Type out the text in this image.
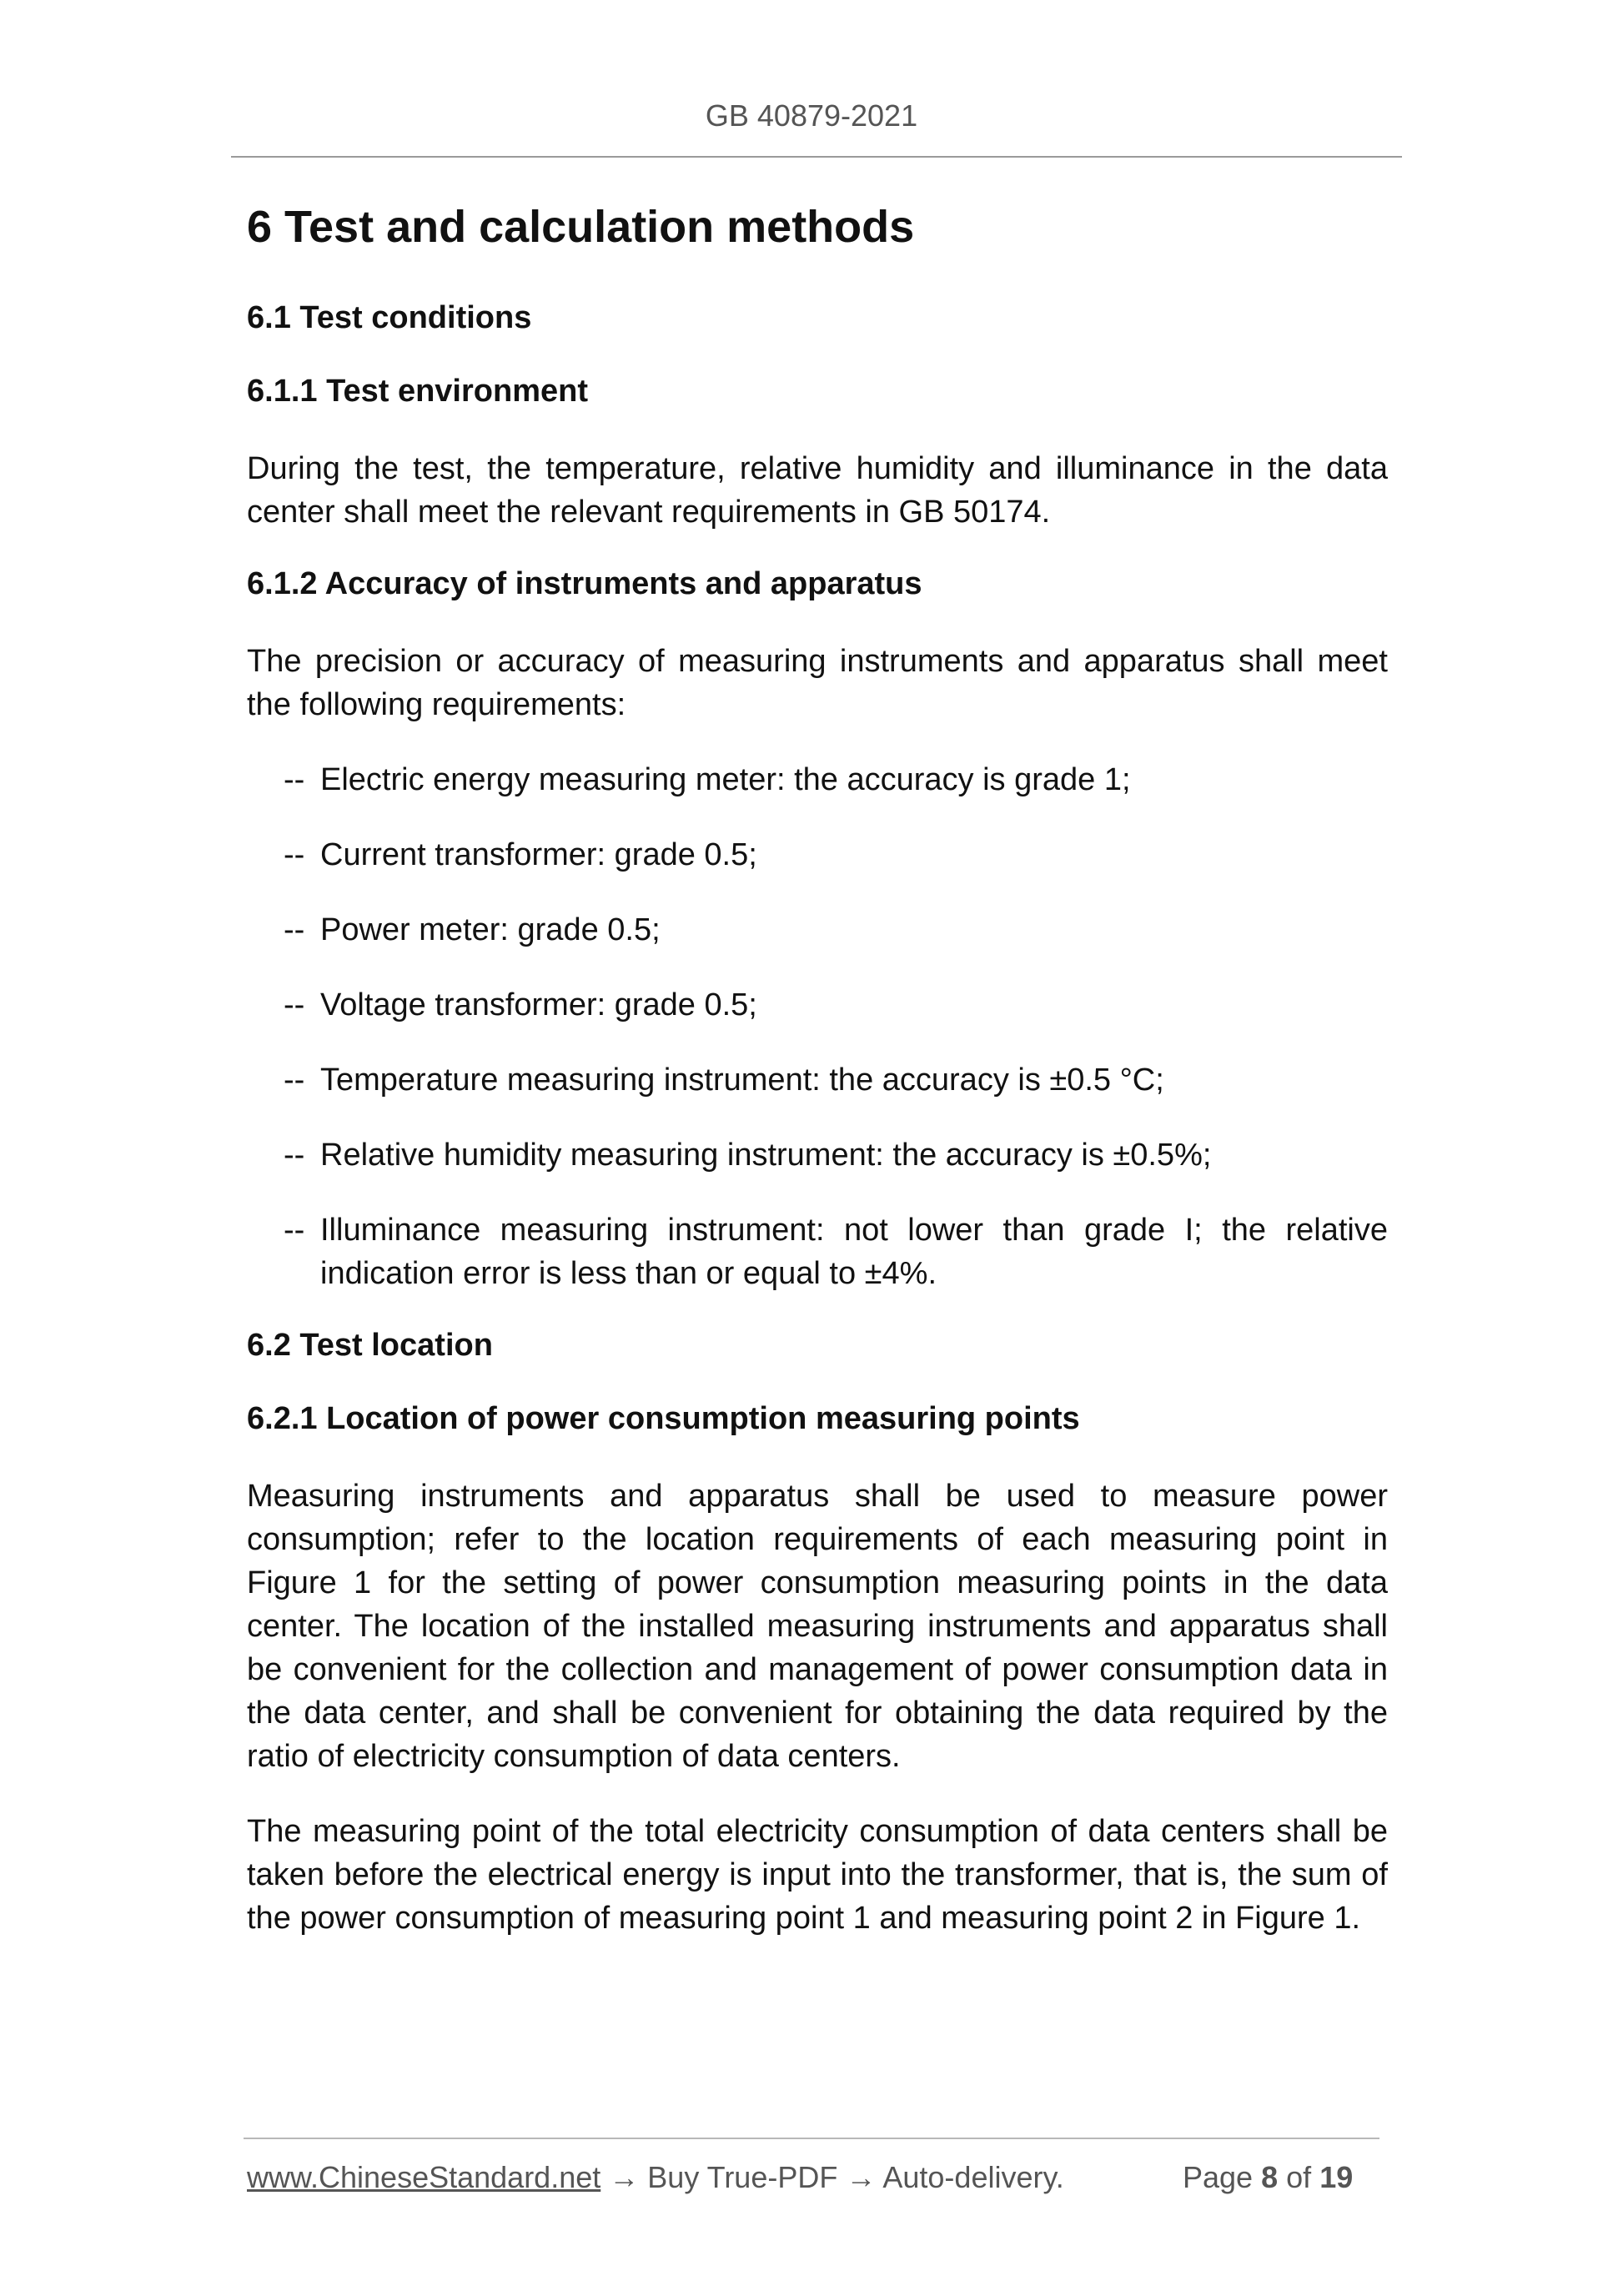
GB 40879-2021
6 Test and calculation methods
6.1 Test conditions
6.1.1 Test environment

During the test, the temperature, relative humidity and illuminance in the data center shall meet the relevant requirements in GB 50174.

6.1.2 Accuracy of instruments and apparatus

The precision or accuracy of measuring instruments and apparatus shall meet the following requirements:

-- Electric energy measuring meter: the accuracy is grade 1;
-- Current transformer: grade 0.5;
-- Power meter: grade 0.5;
-- Voltage transformer: grade 0.5;
-- Temperature measuring instrument: the accuracy is ±0.5 °C;
-- Relative humidity measuring instrument: the accuracy is ±0.5%;
-- Illuminance measuring instrument: not lower than grade I; the relative indication error is less than or equal to ±4%.
6.2 Test location
6.2.1 Location of power consumption measuring points

Measuring instruments and apparatus shall be used to measure power consumption; refer to the location requirements of each measuring point in Figure 1 for the setting of power consumption measuring points in the data center. The location of the installed measuring instruments and apparatus shall be convenient for the collection and management of power consumption data in the data center, and shall be convenient for obtaining the data required by the ratio of electricity consumption of data centers.

The measuring point of the total electricity consumption of data centers shall be taken before the electrical energy is input into the transformer, that is, the sum of the power consumption of measuring point 1 and measuring point 2 in Figure 1.

www.ChineseStandard.net → Buy True-PDF → Auto-delivery.	Page 8 of 19
